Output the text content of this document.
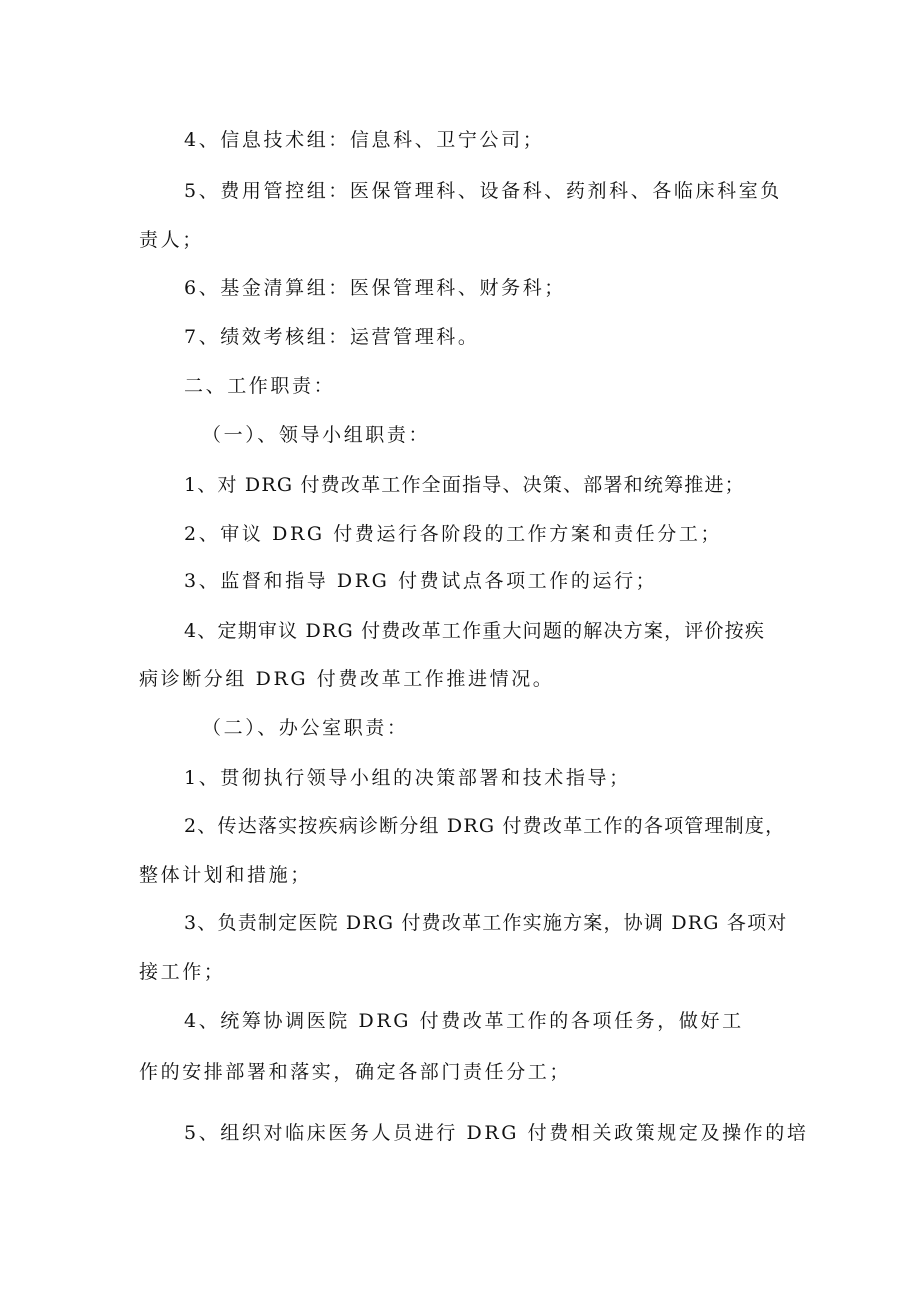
4、信息技术组：信息科、卫宁公司；
5、费用管控组：医保管理科、设备科、药剂科、各临床科室负
责人；
6、基金清算组：医保管理科、财务科；
7、绩效考核组：运营管理科。
二、工作职责：
（一）、领导小组职责：
1、对 DRG 付费改革工作全面指导、决策、部署和统筹推进；
2、审议 DRG 付费运行各阶段的工作方案和责任分工；
3、监督和指导 DRG 付费试点各项工作的运行；
4、定期审议 DRG 付费改革工作重大问题的解决方案，评价按疾
病诊断分组 DRG 付费改革工作推进情况。
（二）、办公室职责：
1、贯彻执行领导小组的决策部署和技术指导；
2、传达落实按疾病诊断分组 DRG 付费改革工作的各项管理制度，
整体计划和措施；
3、负责制定医院 DRG 付费改革工作实施方案，协调 DRG 各项对
接工作；
4、统筹协调医院 DRG 付费改革工作的各项任务，做好工
作的安排部署和落实，确定各部门责任分工；
5、组织对临床医务人员进行 DRG 付费相关政策规定及操作的培
